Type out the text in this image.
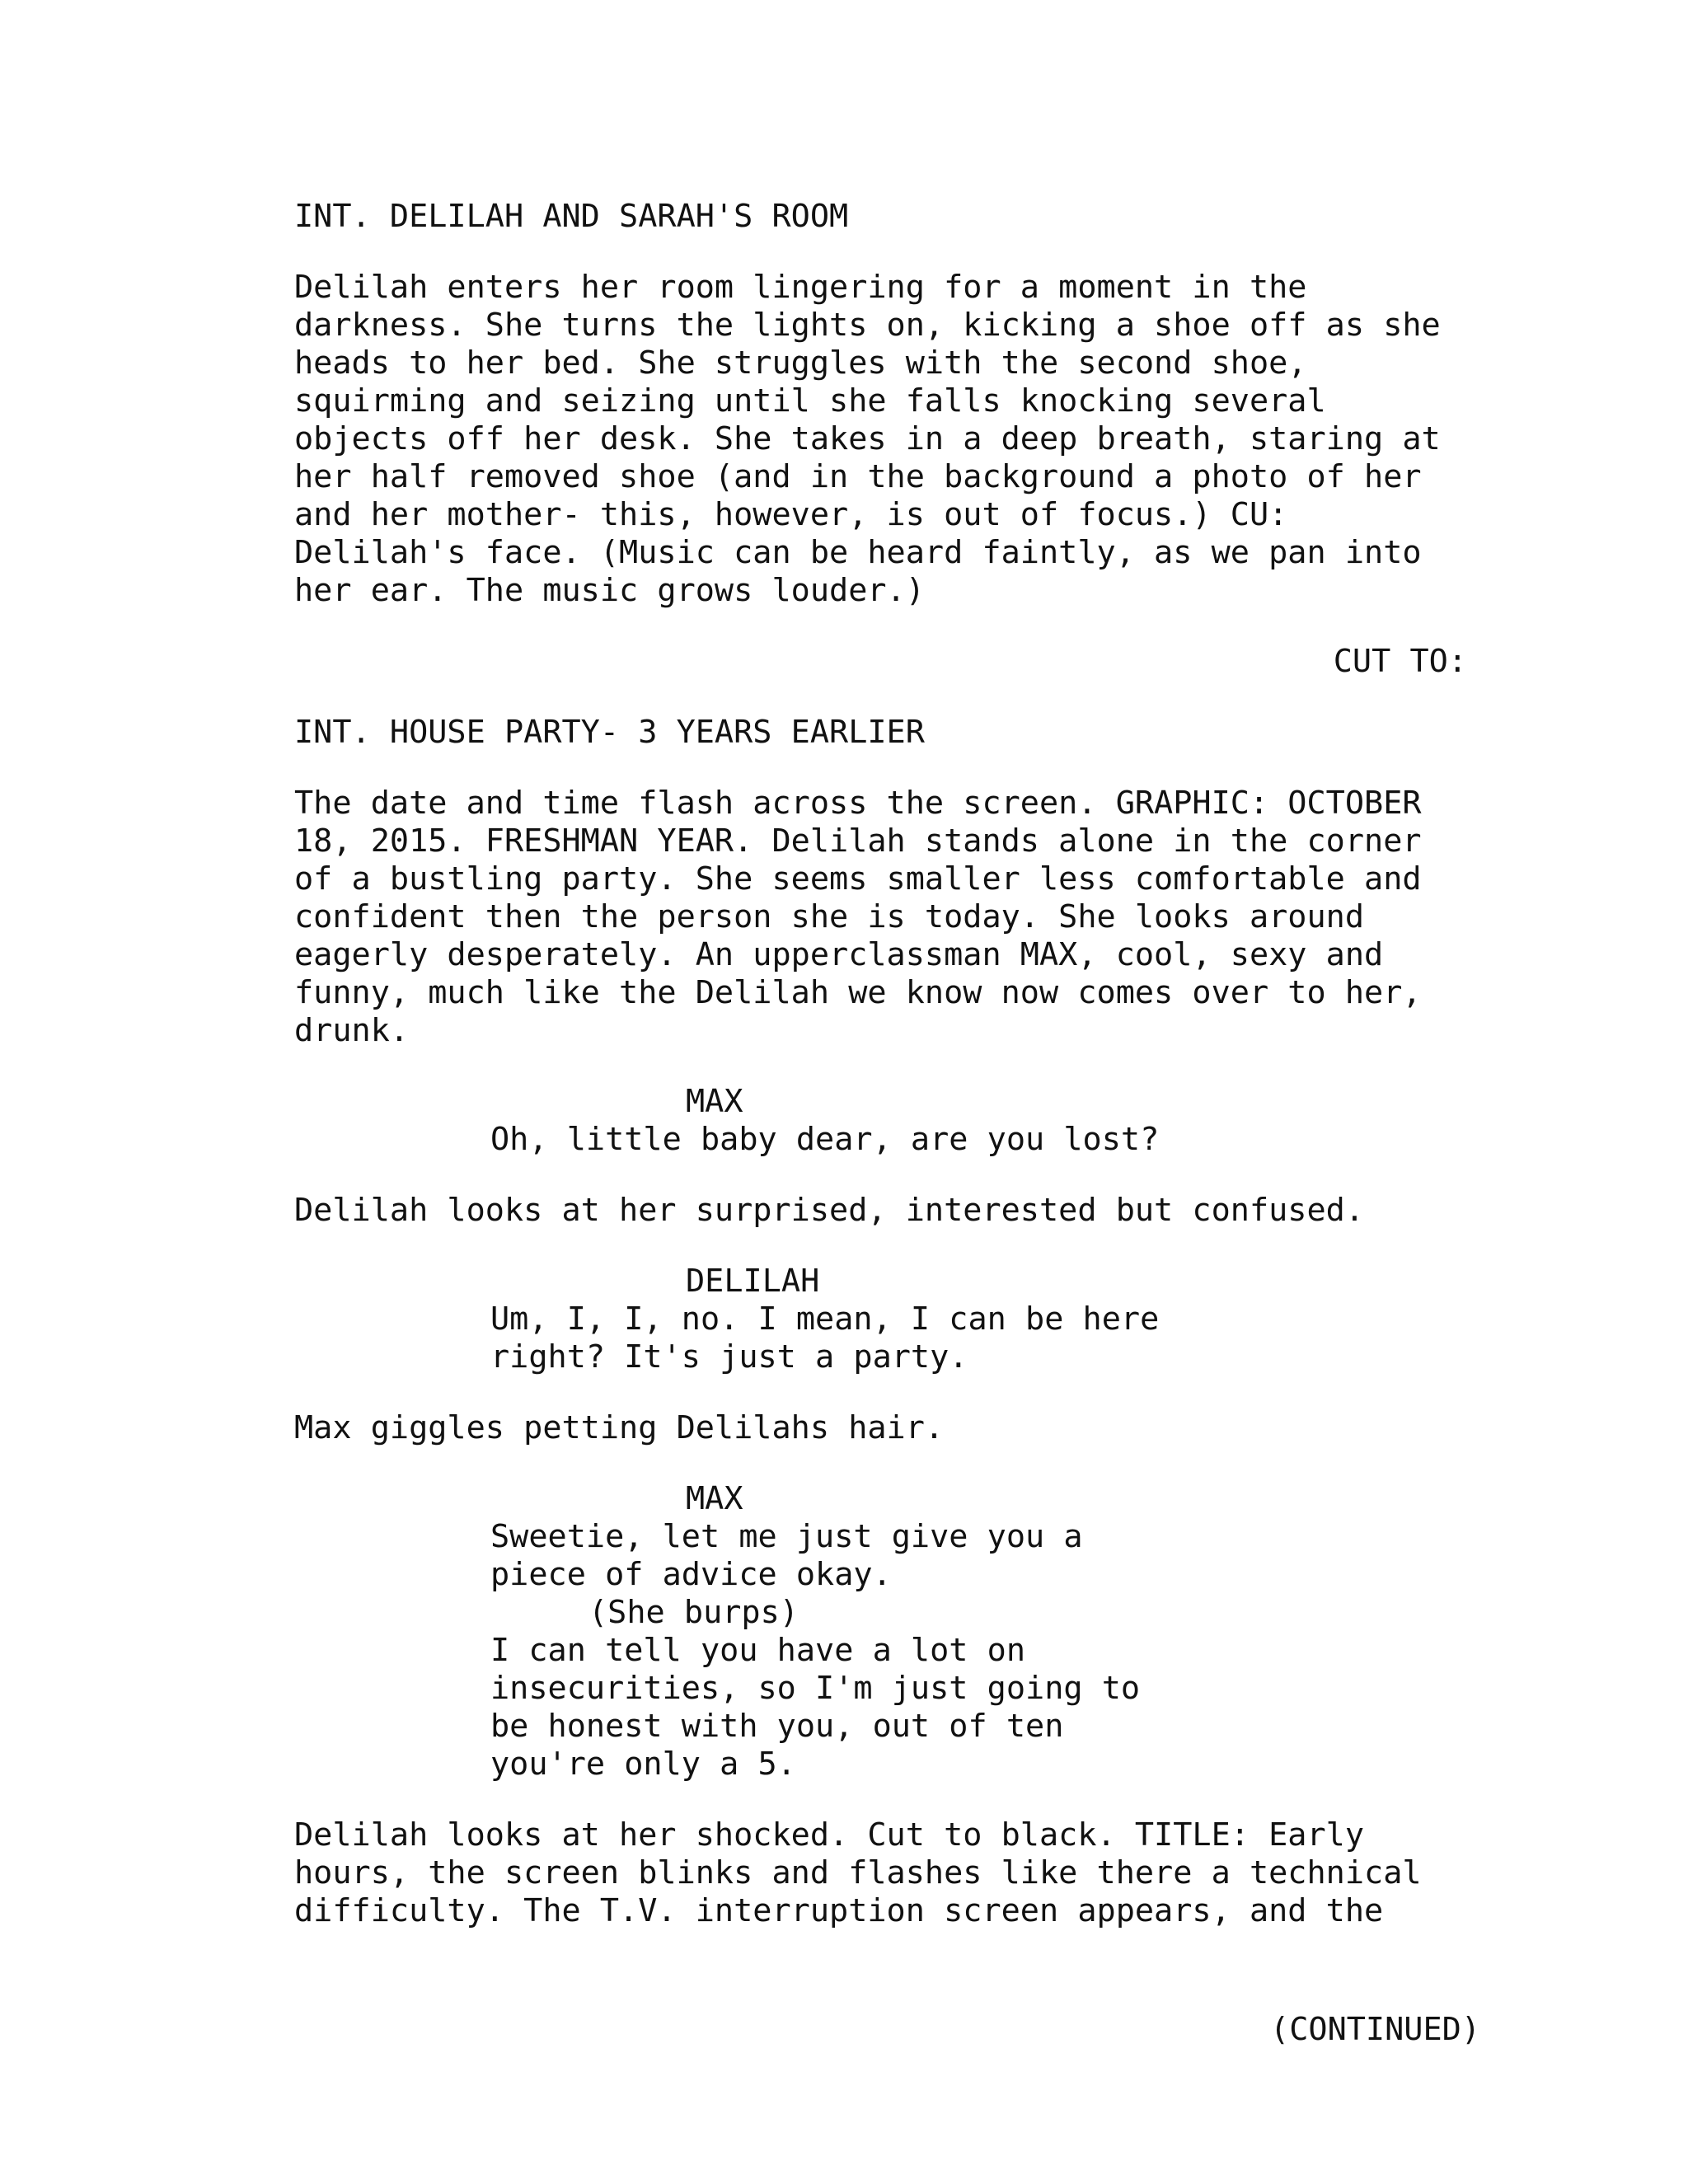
INT. DELILAH AND SARAH'S ROOM
Delilah enters her room lingering for a moment in the
darkness. She turns the lights on, kicking a shoe off as she
heads to her bed. She struggles with the second shoe,
squirming and seizing until she falls knocking several
objects off her desk. She takes in a deep breath, staring at
her half removed shoe (and in the background a photo of her
and her mother- this, however, is out of focus.) CU:
Delilah's face. (Music can be heard faintly, as we pan into
her ear. The music grows louder.)
CUT TO:
INT. HOUSE PARTY- 3 YEARS EARLIER
The date and time flash across the screen. GRAPHIC: OCTOBER
18, 2015. FRESHMAN YEAR. Delilah stands alone in the corner
of a bustling party. She seems smaller less comfortable and
confident then the person she is today. She looks around
eagerly desperately. An upperclassman MAX, cool, sexy and
funny, much like the Delilah we know now comes over to her,
drunk.
MAX
Oh, little baby dear, are you lost?
Delilah looks at her surprised, interested but confused.
DELILAH
Um, I, I, no. I mean, I can be here
right? It's just a party.
Max giggles petting Delilahs hair.
MAX
Sweetie, let me just give you a
piece of advice okay.
(She burps)
I can tell you have a lot on
insecurities, so I'm just going to
be honest with you, out of ten
you're only a 5.
Delilah looks at her shocked. Cut to black. TITLE: Early
hours, the screen blinks and flashes like there a technical
difficulty. The T.V. interruption screen appears, and the
(CONTINUED)
